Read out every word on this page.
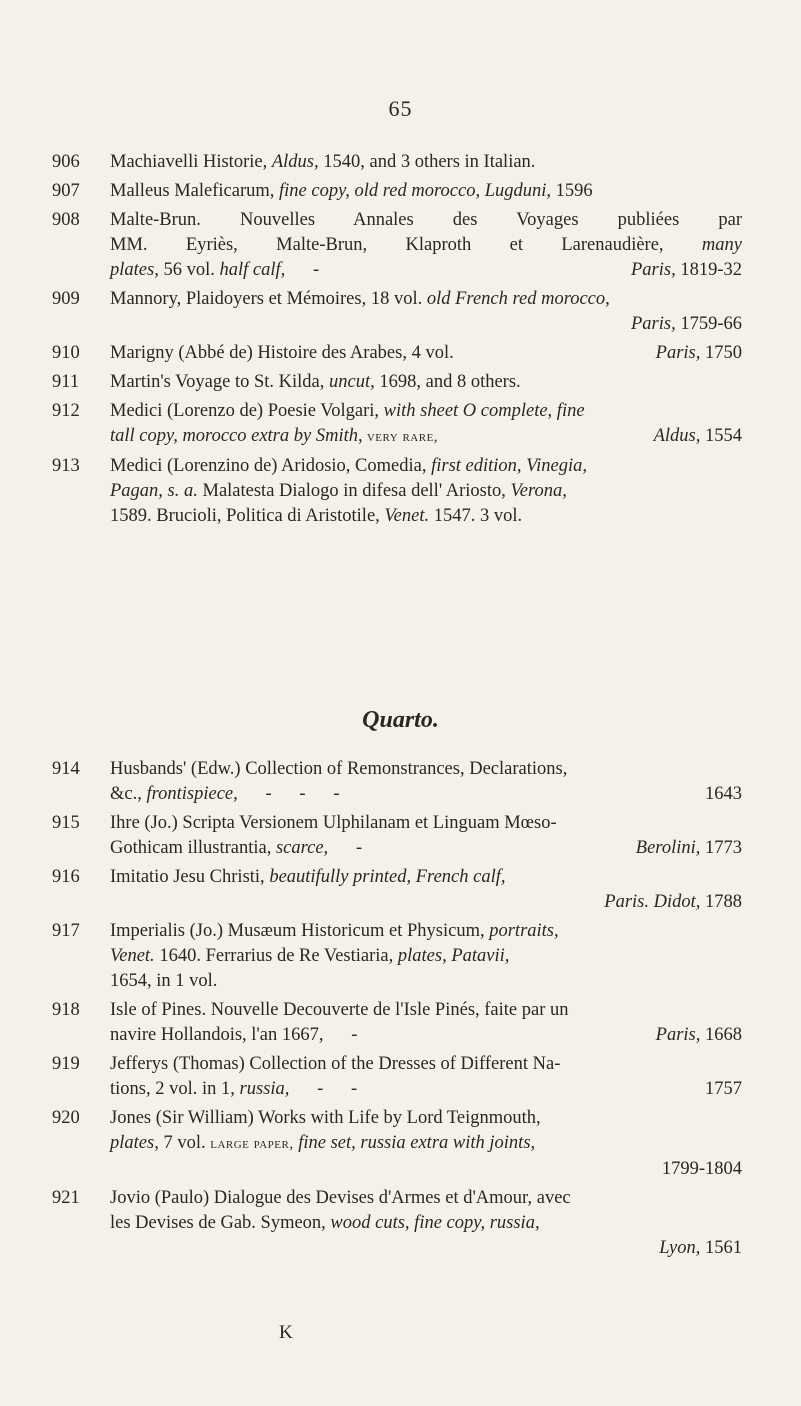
65
906 Machiavelli Historie, Aldus, 1540, and 3 others in Italian.
907 Malleus Maleficarum, fine copy, old red morocco, Lugduni, 1596
908 Malte-Brun. Nouvelles Annales des Voyages publiées par
MM. Eyriès, Malte-Brun, Klaproth et Larenaudière, many
plates, 56 vol. half calf,      -	Paris, 1819-32
909 Mannory, Plaidoyers et Mémoires, 18 vol. old French red morocco,
Paris, 1759-66
910 Marigny (Abbé de) Histoire des Arabes, 4 vol.	Paris, 1750
911 Martin's Voyage to St. Kilda, uncut, 1698, and 8 others.
912 Medici (Lorenzo de) Poesie Volgari, with sheet O complete, fine
tall copy, morocco extra by Smith, very rare,	Aldus, 1554
913 Medici (Lorenzino de) Aridosio, Comedia, first edition, Vinegia,
Pagan, s. a. Malatesta Dialogo in difesa dell' Ariosto, Verona,
1589. Brucioli, Politica di Aristotile, Venet. 1547. 3 vol.
Quarto.
914 Husbands' (Edw.) Collection of Remonstrances, Declarations,
&c., frontispiece,      -      -      -	1643
915 Ihre (Jo.) Scripta Versionem Ulphilanam et Linguam Mœso-
Gothicam illustrantia, scarce,      -	Berolini, 1773
916 Imitatio Jesu Christi, beautifully printed, French calf,
Paris. Didot, 1788
917 Imperialis (Jo.) Musæum Historicum et Physicum, portraits,
Venet. 1640. Ferrarius de Re Vestiaria, plates, Patavii,
1654, in 1 vol.
918 Isle of Pines. Nouvelle Decouverte de l'Isle Pinés, faite par un
navire Hollandois, l'an 1667,      -	Paris, 1668
919 Jefferys (Thomas) Collection of the Dresses of Different Na-
tions, 2 vol. in 1, russia,      -      -	1757
920 Jones (Sir William) Works with Life by Lord Teignmouth,
plates, 7 vol. large paper, fine set, russia extra with joints,
1799-1804
921 Jovio (Paulo) Dialogue des Devises d'Armes et d'Amour, avec
les Devises de Gab. Symeon, wood cuts, fine copy, russia,
Lyon, 1561
K
